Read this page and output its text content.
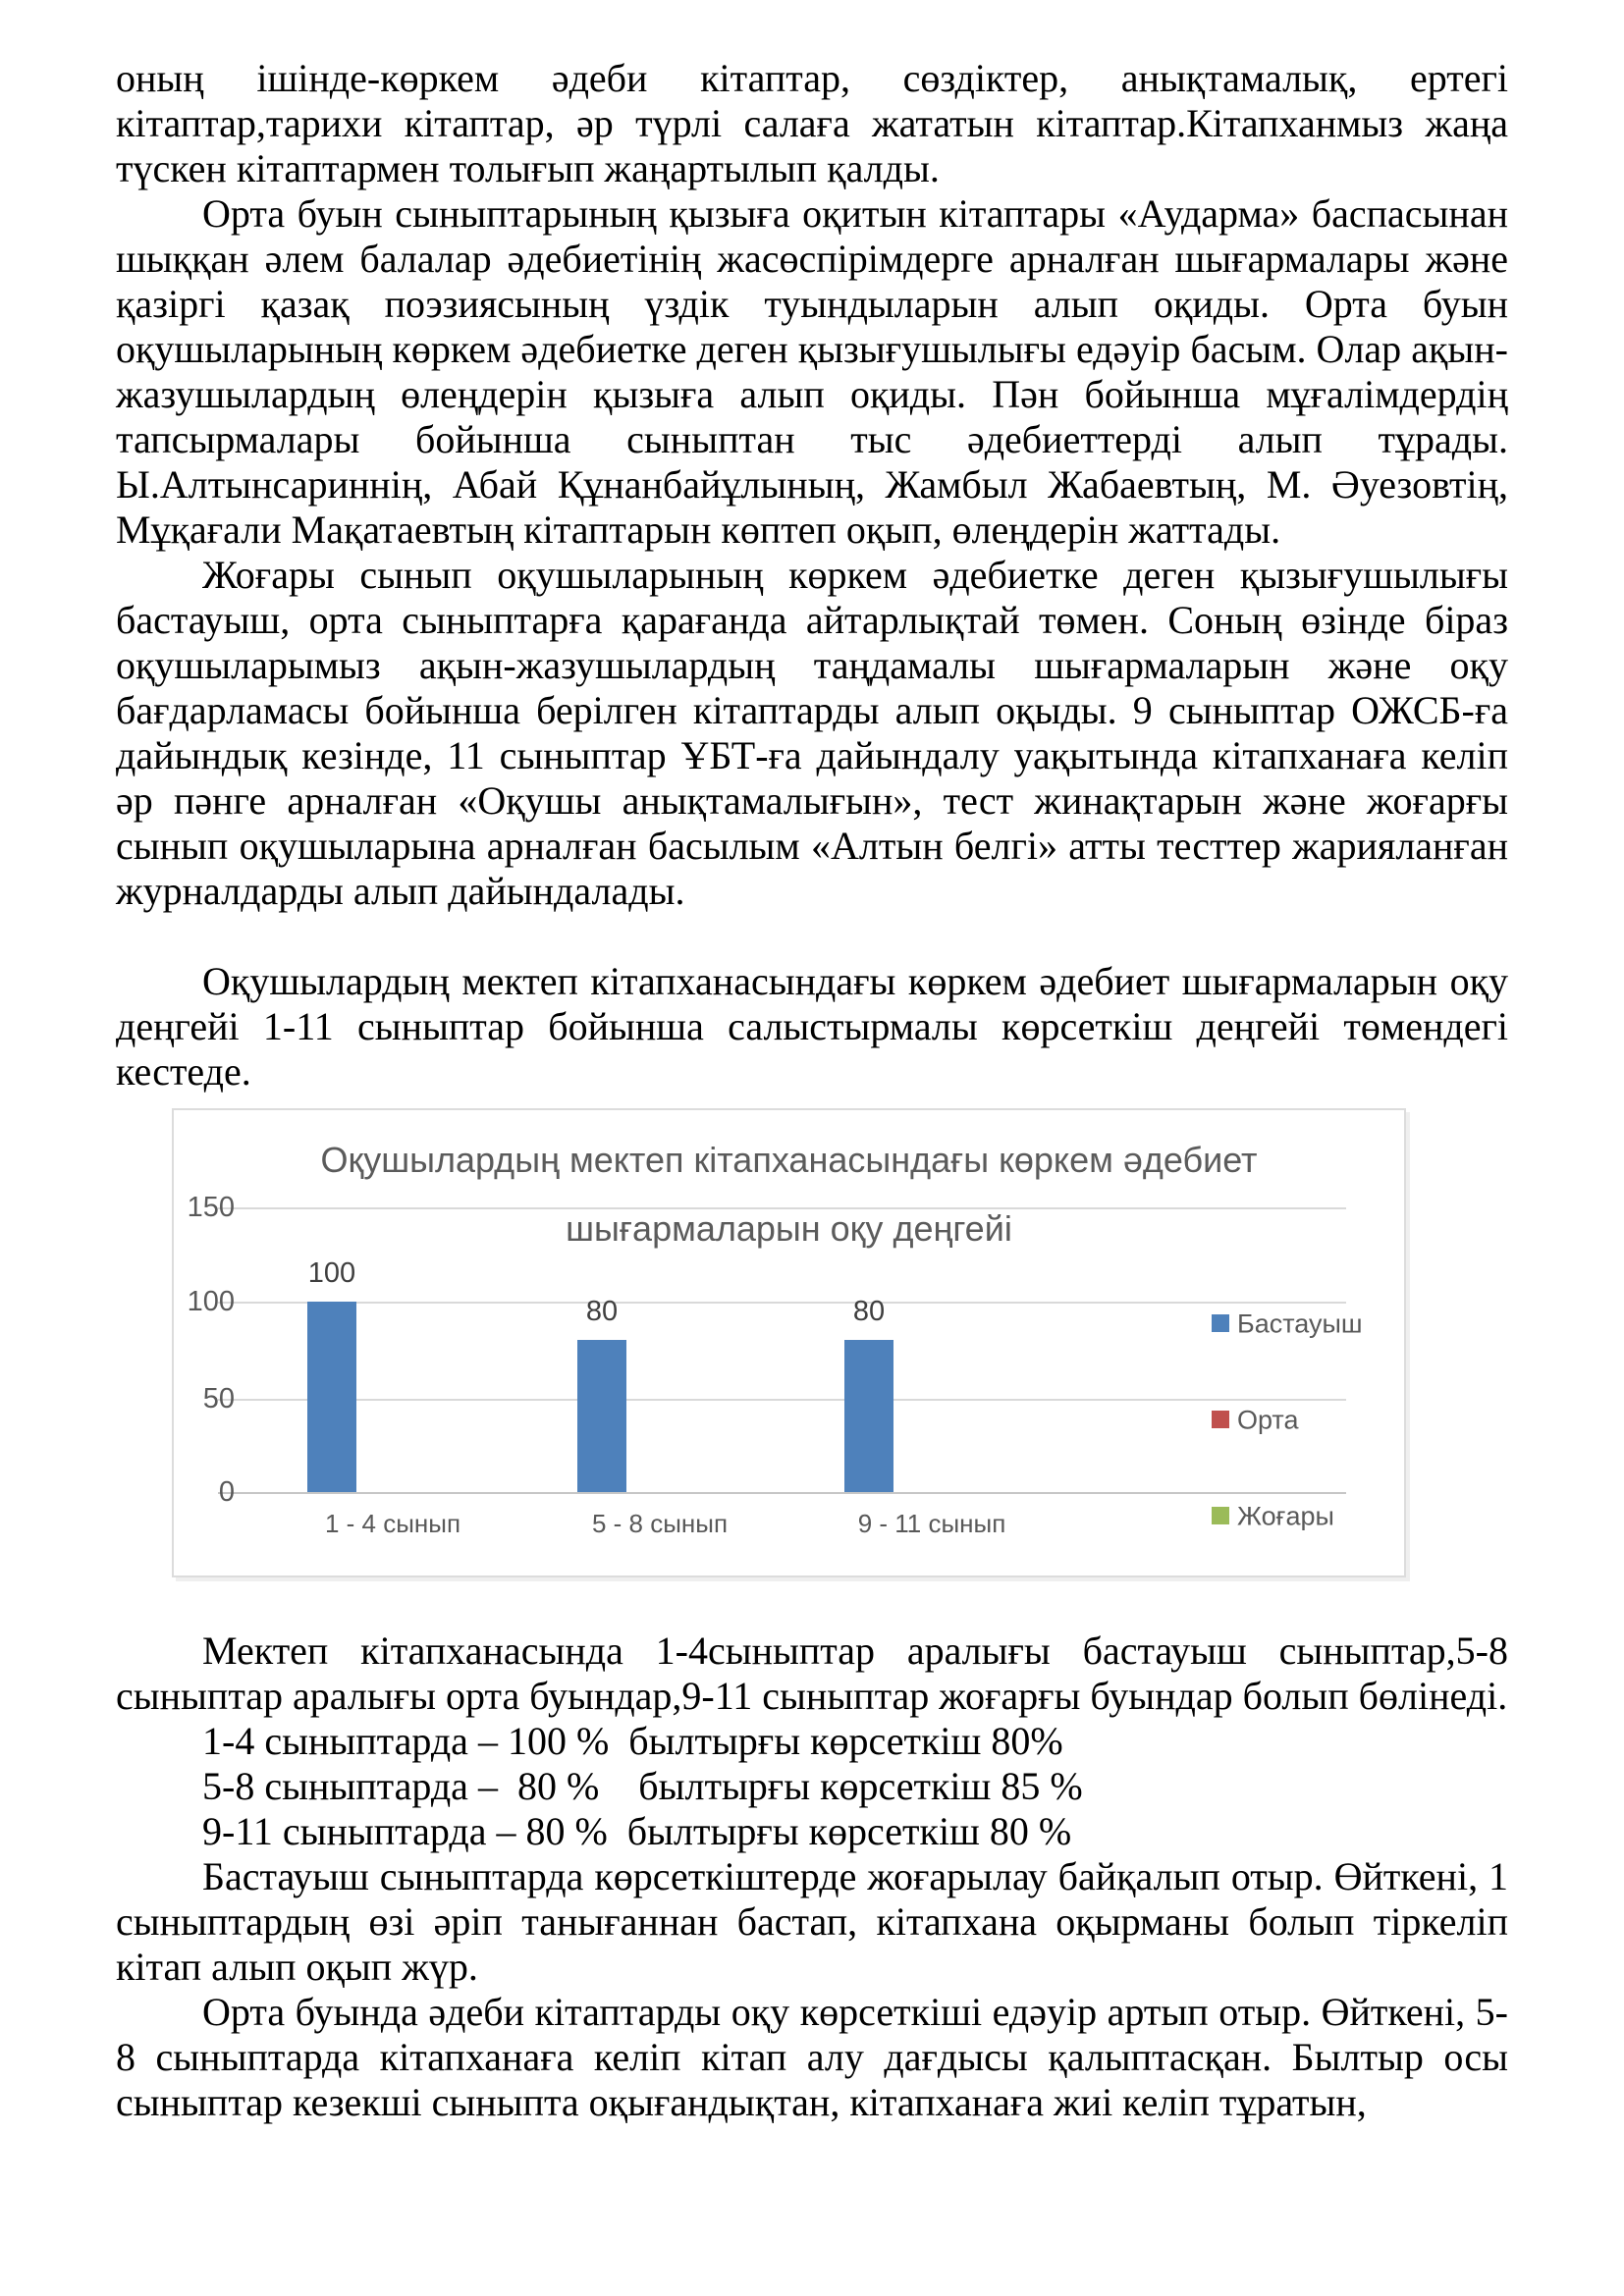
оның ішінде-көркем әдеби кітаптар, сөздіктер, анықтамалық, ертегі кітаптар,тарихи кітаптар, әр түрлі салаға жататын кітаптар.Кітапханмыз жаңа түскен кітаптармен толығып жаңартылып қалды.

Орта буын сыныптарының қызыға оқитын кітаптары «Аударма» баспасынан шыққан әлем балалар әдебиетінің жасөспірімдерге арналған шығармалары және қазіргі қазақ поэзиясының үздік туындыларын алып оқиды. Орта буын оқушыларының көркем әдебиетке деген қызығушылығы едәуір басым. Олар ақын-жазушылардың өлеңдерін қызыға алып оқиды. Пән бойынша мұғалімдердің тапсырмалары бойынша сыныптан тыс әдебиеттерді алып тұрады. Ы.Алтынсариннің, Абай Құнанбайұлының, Жамбыл Жабаевтың, М. Әуезовтің, Мұқағали Мақатаевтың кітаптарын көптеп оқып, өлеңдерін жаттады.

Жоғары сынып оқушыларының көркем әдебиетке деген қызығушылығы бастауыш, орта сыныптарға қарағанда айтарлықтай төмен. Соның өзінде біраз оқушыларымыз ақын-жазушылардың таңдамалы шығармаларын және оқу бағдарламасы бойынша берілген кітаптарды алып оқыды. 9 сыныптар ОЖСБ-ға дайындық кезінде, 11 сыныптар ҰБТ-ға дайындалу уақытында кітапханаға келіп әр пәнге арналған «Оқушы анықтамалығын», тест жинақтарын және жоғарғы сынып оқушыларына арналған басылым «Алтын белгі» атты тесттер жарияланған журналдарды алып дайындалады.

Оқушылардың мектеп кітапханасындағы көркем әдебиет шығармаларын оқу деңгейі 1-11 сыныптар бойынша салыстырмалы көрсеткіш деңгейі төмендегі кестеде.

Оқушылардың мектеп кітапханасындағы көркем әдебиет
шығармаларын оқу деңгейі
150
100
50
0
100
80	80
1 - 4 сынып	5 - 8 сынып	9 - 11 сынып
Бастауыш
Орта
Жоғары

Мектеп кітапханасында 1-4сыныптар аралығы бастауыш сыныптар,5-8 сыныптар аралығы орта буындар,9-11 сыныптар жоғарғы буындар болып бөлінеді.

1-4 сыныптарда – 100 %  былтырғы көрсеткіш 80%

5-8 сыныптарда –  80 %    былтырғы көрсеткіш 85 %

9-11 сыныптарда – 80 %  былтырғы көрсеткіш 80 %

Бастауыш сыныптарда көрсеткіштерде жоғарылау байқалып отыр. Өйткені, 1 сыныптардың өзі әріп танығаннан бастап, кітапхана оқырманы болып тіркеліп кітап алып оқып жүр.

Орта буында әдеби кітаптарды оқу көрсеткіші едәуір артып отыр. Өйткені, 5-8 сыныптарда кітапханаға келіп кітап алу дағдысы қалыптасқан. Былтыр осы сыныптар кезекші сыныпта оқығандықтан, кітапханаға жиі келіп тұратын,
